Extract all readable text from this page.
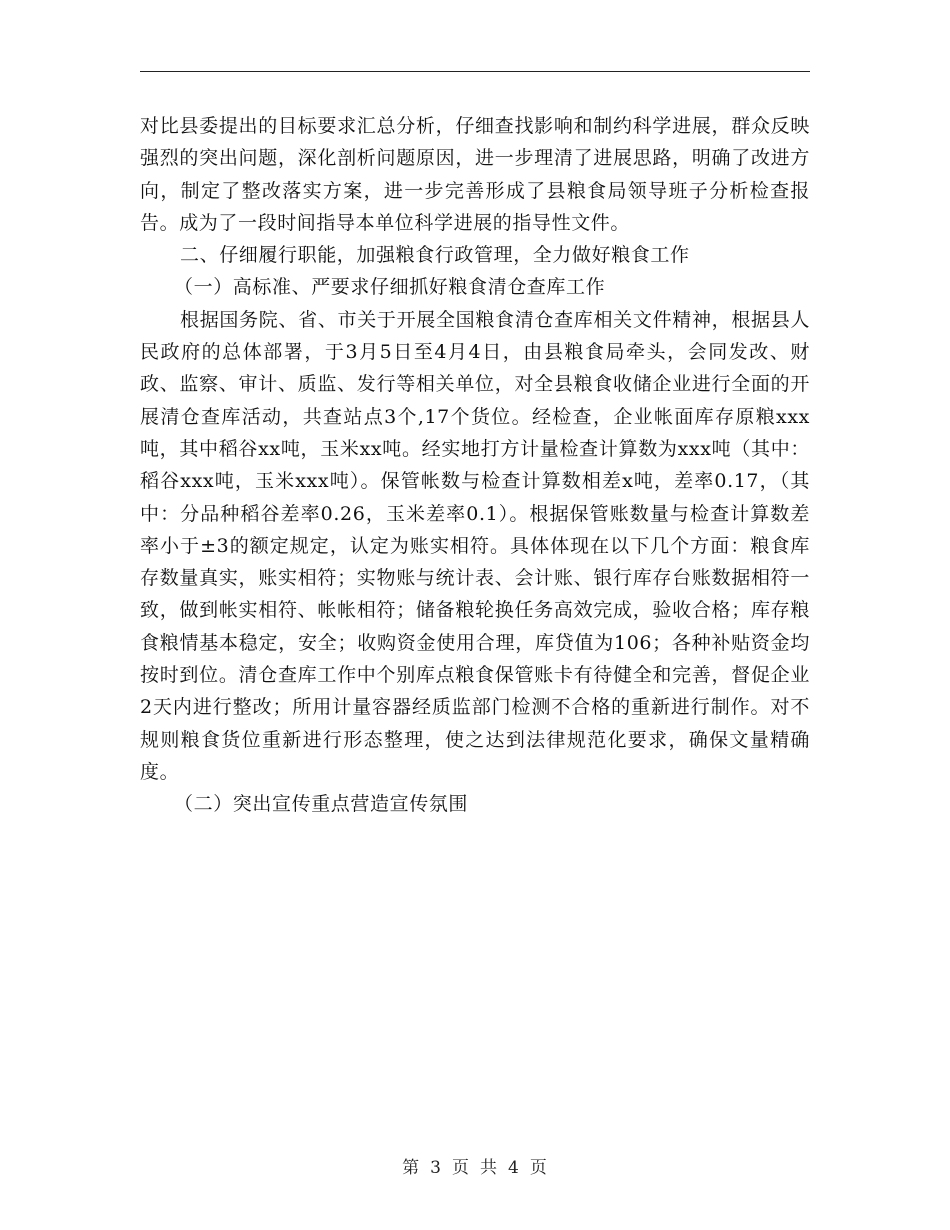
对比县委提出的目标要求汇总分析，仔细查找影响和制约科学进展，群众反映强烈的突出问题，深化剖析问题原因，进一步理清了进展思路，明确了改进方向，制定了整改落实方案，进一步完善形成了县粮食局领导班子分析检查报告。成为了一段时间指导本单位科学进展的指导性文件。

二、仔细履行职能，加强粮食行政管理，全力做好粮食工作

（一）高标准、严要求仔细抓好粮食清仓查库工作

根据国务院、省、市关于开展全国粮食清仓查库相关文件精神，根据县人民政府的总体部署，于3月5日至4月4日，由县粮食局牵头，会同发改、财政、监察、审计、质监、发行等相关单位，对全县粮食收储企业进行全面的开展清仓查库活动，共查站点3个,17个货位。经检查，企业帐面库存原粮xxx吨，其中稻谷xx吨，玉米xx吨。经实地打方计量检查计算数为xxx吨（其中：稻谷xxx吨，玉米xxx吨）。保管帐数与检查计算数相差x吨，差率0.17，（其中：分品种稻谷差率0.26，玉米差率0.1）。根据保管账数量与检查计算数差率小于±3的额定规定，认定为账实相符。具体体现在以下几个方面：粮食库存数量真实，账实相符；实物账与统计表、会计账、银行库存台账数据相符一致，做到帐实相符、帐帐相符；储备粮轮换任务高效完成，验收合格；库存粮食粮情基本稳定，安全；收购资金使用合理，库贷值为106；各种补贴资金均按时到位。清仓查库工作中个别库点粮食保管账卡有待健全和完善，督促企业2天内进行整改；所用计量容器经质监部门检测不合格的重新进行制作。对不规则粮食货位重新进行形态整理，使之达到法律规范化要求，确保文量精确度。

（二）突出宣传重点营造宣传氛围

第 3 页 共 4 页
